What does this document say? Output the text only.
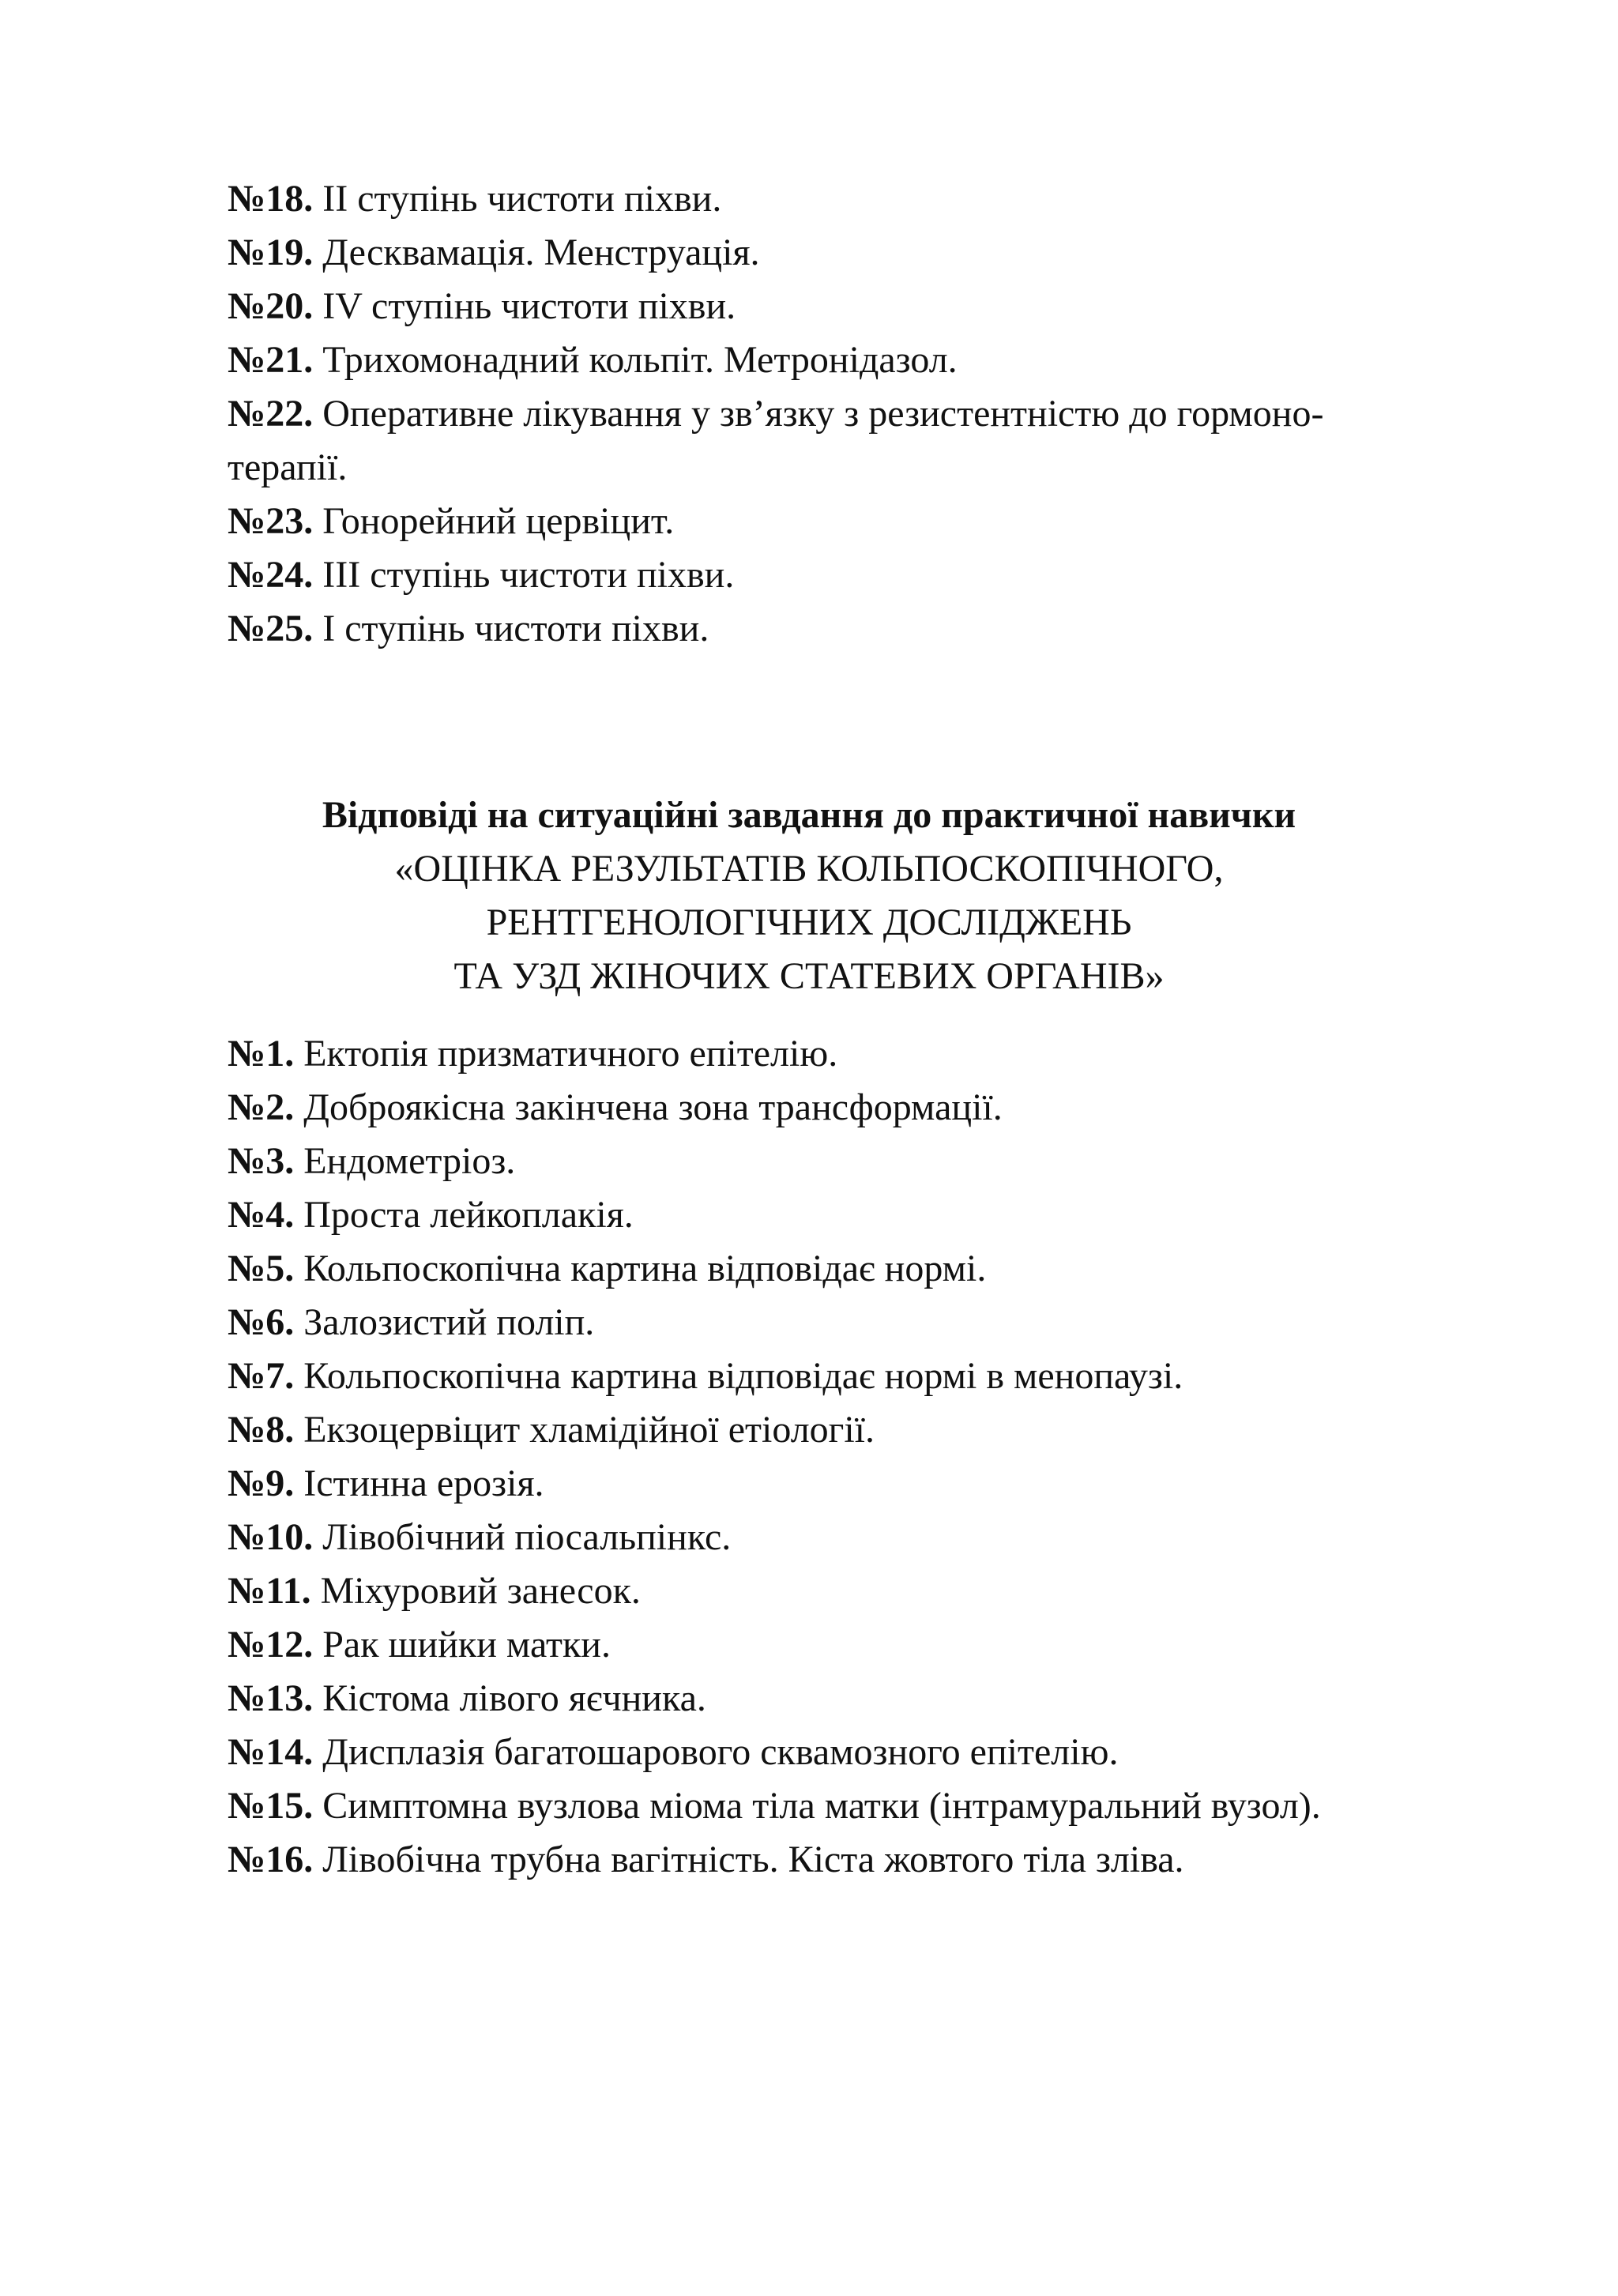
№18. II ступінь чистоти піхви.

№19. Десквамація. Менструація.

№20. IV ступінь чистоти піхви.

№21. Трихомонадний кольпіт. Метронідазол.

№22. Оперативне лікування у зв’язку з резистентністю до гормоно-

терапії.

№23. Гонорейний цервіцит.

№24. III ступінь чистоти піхви.

№25. I ступінь чистоти піхви.

Відповіді на ситуаційні завдання до практичної навички
«ОЦІНКА РЕЗУЛЬТАТІВ КОЛЬПОСКОПІЧНОГО,
РЕНТГЕНОЛОГІЧНИХ ДОСЛІДЖЕНЬ
ТА УЗД ЖІНОЧИХ СТАТЕВИХ ОРГАНІВ»

№1. Ектопія призматичного епітелію.

№2. Доброякісна закінчена зона трансформації.

№3. Ендометріоз.

№4. Проста лейкоплакія.

№5. Кольпоскопічна картина відповідає нормі.

№6. Залозистий поліп.

№7. Кольпоскопічна картина відповідає нормі в менопаузі.

№8. Екзоцервіцит хламідійної етіології.

№9. Істинна ерозія.

№10. Лівобічний піосальпінкс.

№11. Міхуровий занесок.

№12. Рак шийки матки.

№13. Кістома лівого яєчника.

№14. Дисплазія багатошарового сквамозного епітелію.

№15. Симптомна вузлова міома тіла матки (інтрамуральний вузол).

№16. Лівобічна трубна вагітність. Кіста жовтого тіла зліва.
